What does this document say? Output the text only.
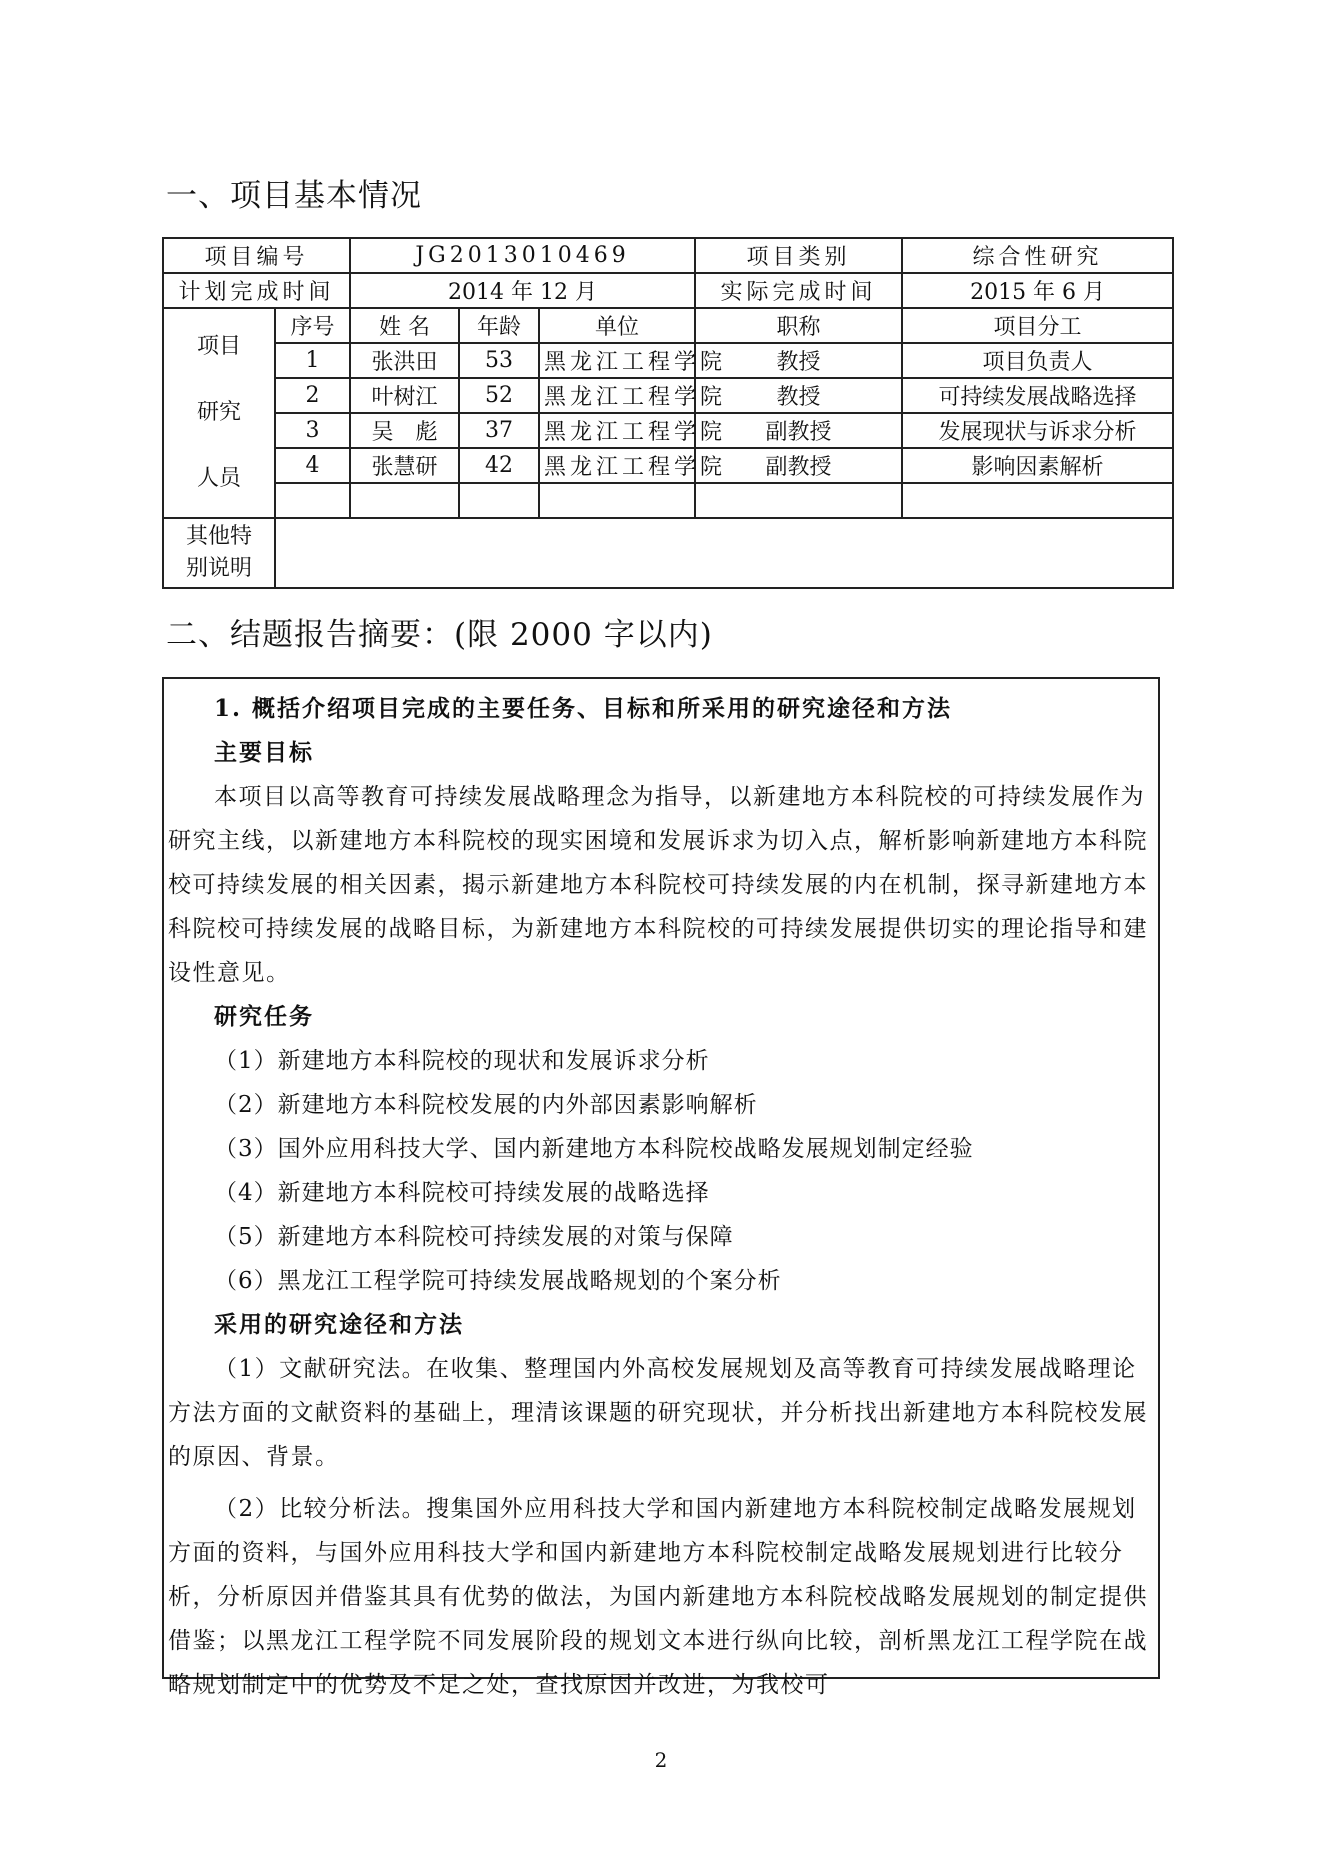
一、项目基本情况
项目编号		JG2013010469			项目类别	综合性研究
计划完成时间		2014 年 12 月			实际完成时间	2015 年 6 月
项目
研究
人员	序号	姓 名	年龄	单位	职称	项目分工
	1	张洪田	53	黑龙江工程学院	教授	项目负责人
	2	叶树江	52	黑龙江工程学院	教授	可持续发展战略选择
	3	吴　彪	37	黑龙江工程学院	副教授	发展现状与诉求分析
	4	张慧研	42	黑龙江工程学院	副教授	影响因素解析

其他特
别说明						
二、结题报告摘要：(限 2000 字以内)

1. 概括介绍项目完成的主要任务、目标和所采用的研究途径和方法

主要目标

本项目以高等教育可持续发展战略理念为指导，以新建地方本科院校的可持续发展作为研究主线，以新建地方本科院校的现实困境和发展诉求为切入点，解析影响新建地方本科院校可持续发展的相关因素，揭示新建地方本科院校可持续发展的内在机制，探寻新建地方本科院校可持续发展的战略目标，为新建地方本科院校的可持续发展提供切实的理论指导和建设性意见。

研究任务

（1）新建地方本科院校的现状和发展诉求分析

（2）新建地方本科院校发展的内外部因素影响解析

（3）国外应用科技大学、国内新建地方本科院校战略发展规划制定经验

（4）新建地方本科院校可持续发展的战略选择

（5）新建地方本科院校可持续发展的对策与保障

（6）黑龙江工程学院可持续发展战略规划的个案分析

采用的研究途径和方法

（1）文献研究法。在收集、整理国内外高校发展规划及高等教育可持续发展战略理论方法方面的文献资料的基础上，理清该课题的研究现状，并分析找出新建地方本科院校发展的原因、背景。

（2）比较分析法。搜集国外应用科技大学和国内新建地方本科院校制定战略发展规划方面的资料，与国外应用科技大学和国内新建地方本科院校制定战略发展规划进行比较分析，分析原因并借鉴其具有优势的做法，为国内新建地方本科院校战略发展规划的制定提供借鉴；以黑龙江工程学院不同发展阶段的规划文本进行纵向比较，剖析黑龙江工程学院在战略规划制定中的优势及不足之处，查找原因并改进，为我校可

2
